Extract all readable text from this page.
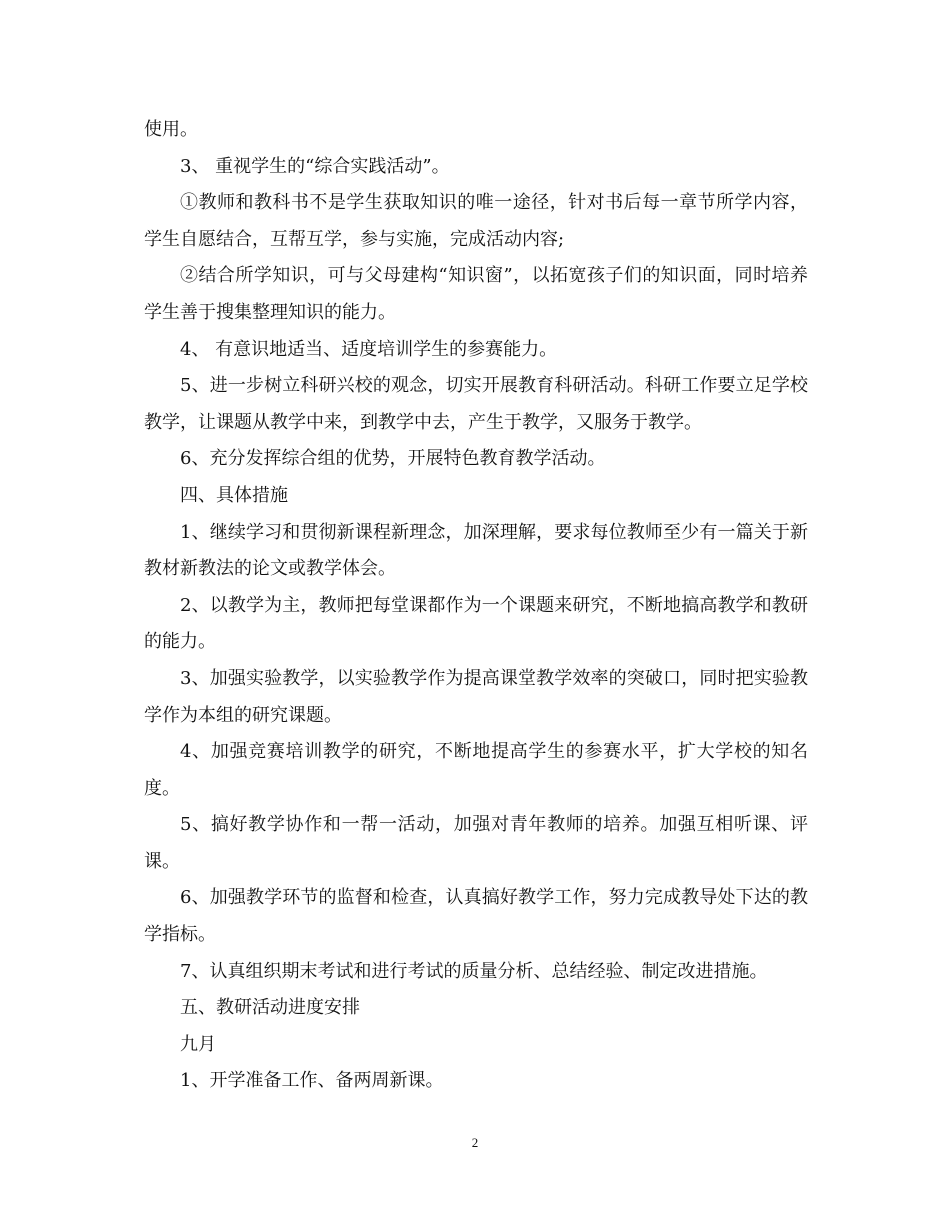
使用。

3、 重视学生的“综合实践活动”。

①教师和教科书不是学生获取知识的唯一途径，针对书后每一章节所学内容，学生自愿结合，互帮互学，参与实施，完成活动内容;

②结合所学知识，可与父母建构“知识窗”，以拓宽孩子们的知识面，同时培养学生善于搜集整理知识的能力。

4、 有意识地适当、适度培训学生的参赛能力。

5、进一步树立科研兴校的观念，切实开展教育科研活动。科研工作要立足学校教学，让课题从教学中来，到教学中去，产生于教学，又服务于教学。

6、充分发挥综合组的优势，开展特色教育教学活动。

四、具体措施

1、继续学习和贯彻新课程新理念，加深理解，要求每位教师至少有一篇关于新教材新教法的论文或教学体会。

2、以教学为主，教师把每堂课都作为一个课题来研究，不断地搞高教学和教研的能力。

3、加强实验教学，以实验教学作为提高课堂教学效率的突破口，同时把实验教学作为本组的研究课题。

4、加强竞赛培训教学的研究，不断地提高学生的参赛水平，扩大学校的知名度。

5、搞好教学协作和一帮一活动，加强对青年教师的培养。加强互相听课、评课。

6、加强教学环节的监督和检查，认真搞好教学工作，努力完成教导处下达的教学指标。

7、认真组织期末考试和进行考试的质量分析、总结经验、制定改进措施。

五、教研活动进度安排

九月

1、开学准备工作、备两周新课。

2
